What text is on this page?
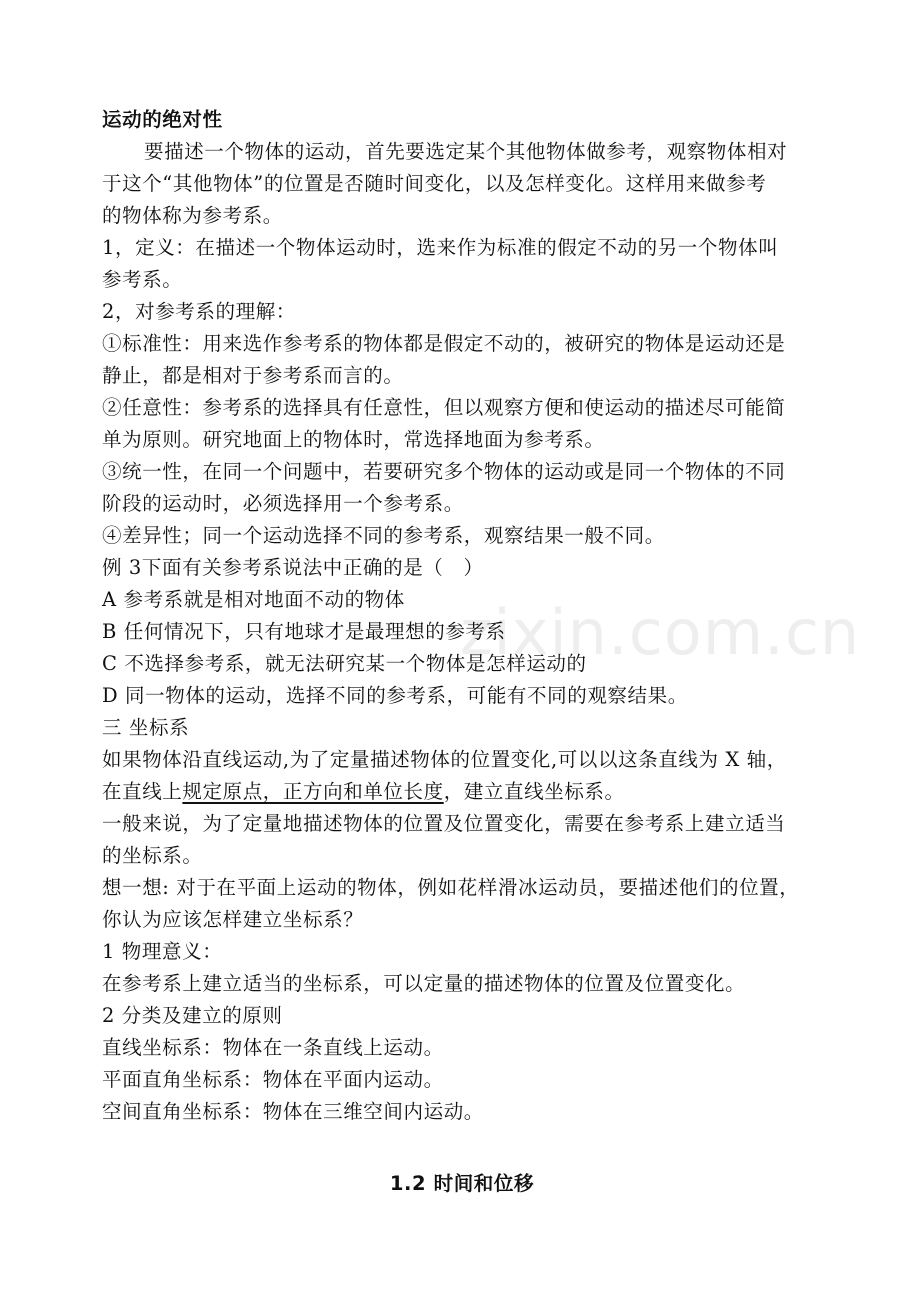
zixin.com.cn
运动的绝对性
要描述一个物体的运动，首先要选定某个其他物体做参考，观察物体相对
于这个“其他物体”的位置是否随时间变化，以及怎样变化。这样用来做参考
的物体称为参考系。
1，定义：在描述一个物体运动时，选来作为标准的假定不动的另一个物体叫
参考系。
2，对参考系的理解：
①标准性：用来选作参考系的物体都是假定不动的，被研究的物体是运动还是
静止，都是相对于参考系而言的。
②任意性：参考系的选择具有任意性，但以观察方便和使运动的描述尽可能简
单为原则。研究地面上的物体时，常选择地面为参考系。
③统一性，在同一个问题中，若要研究多个物体的运动或是同一个物体的不同
阶段的运动时，必须选择用一个参考系。
④差异性；同一个运动选择不同的参考系，观察结果一般不同。
例 3下面有关参考系说法中正确的是（　）
A 参考系就是相对地面不动的物体
B 任何情况下，只有地球才是最理想的参考系
C 不选择参考系，就无法研究某一个物体是怎样运动的
D 同一物体的运动，选择不同的参考系，可能有不同的观察结果。
三 坐标系
如果物体沿直线运动,为了定量描述物体的位置变化,可以以这条直线为 X 轴，
在直线上规定原点，正方向和单位长度，建立直线坐标系。
一般来说，为了定量地描述物体的位置及位置变化，需要在参考系上建立适当
的坐标系。
想一想: 对于在平面上运动的物体，例如花样滑冰运动员，要描述他们的位置，
你认为应该怎样建立坐标系？
1 物理意义：
在参考系上建立适当的坐标系，可以定量的描述物体的位置及位置变化。
2 分类及建立的原则
直线坐标系：物体在一条直线上运动。
平面直角坐标系：物体在平面内运动。
空间直角坐标系：物体在三维空间内运动。
1.2 时间和位移
